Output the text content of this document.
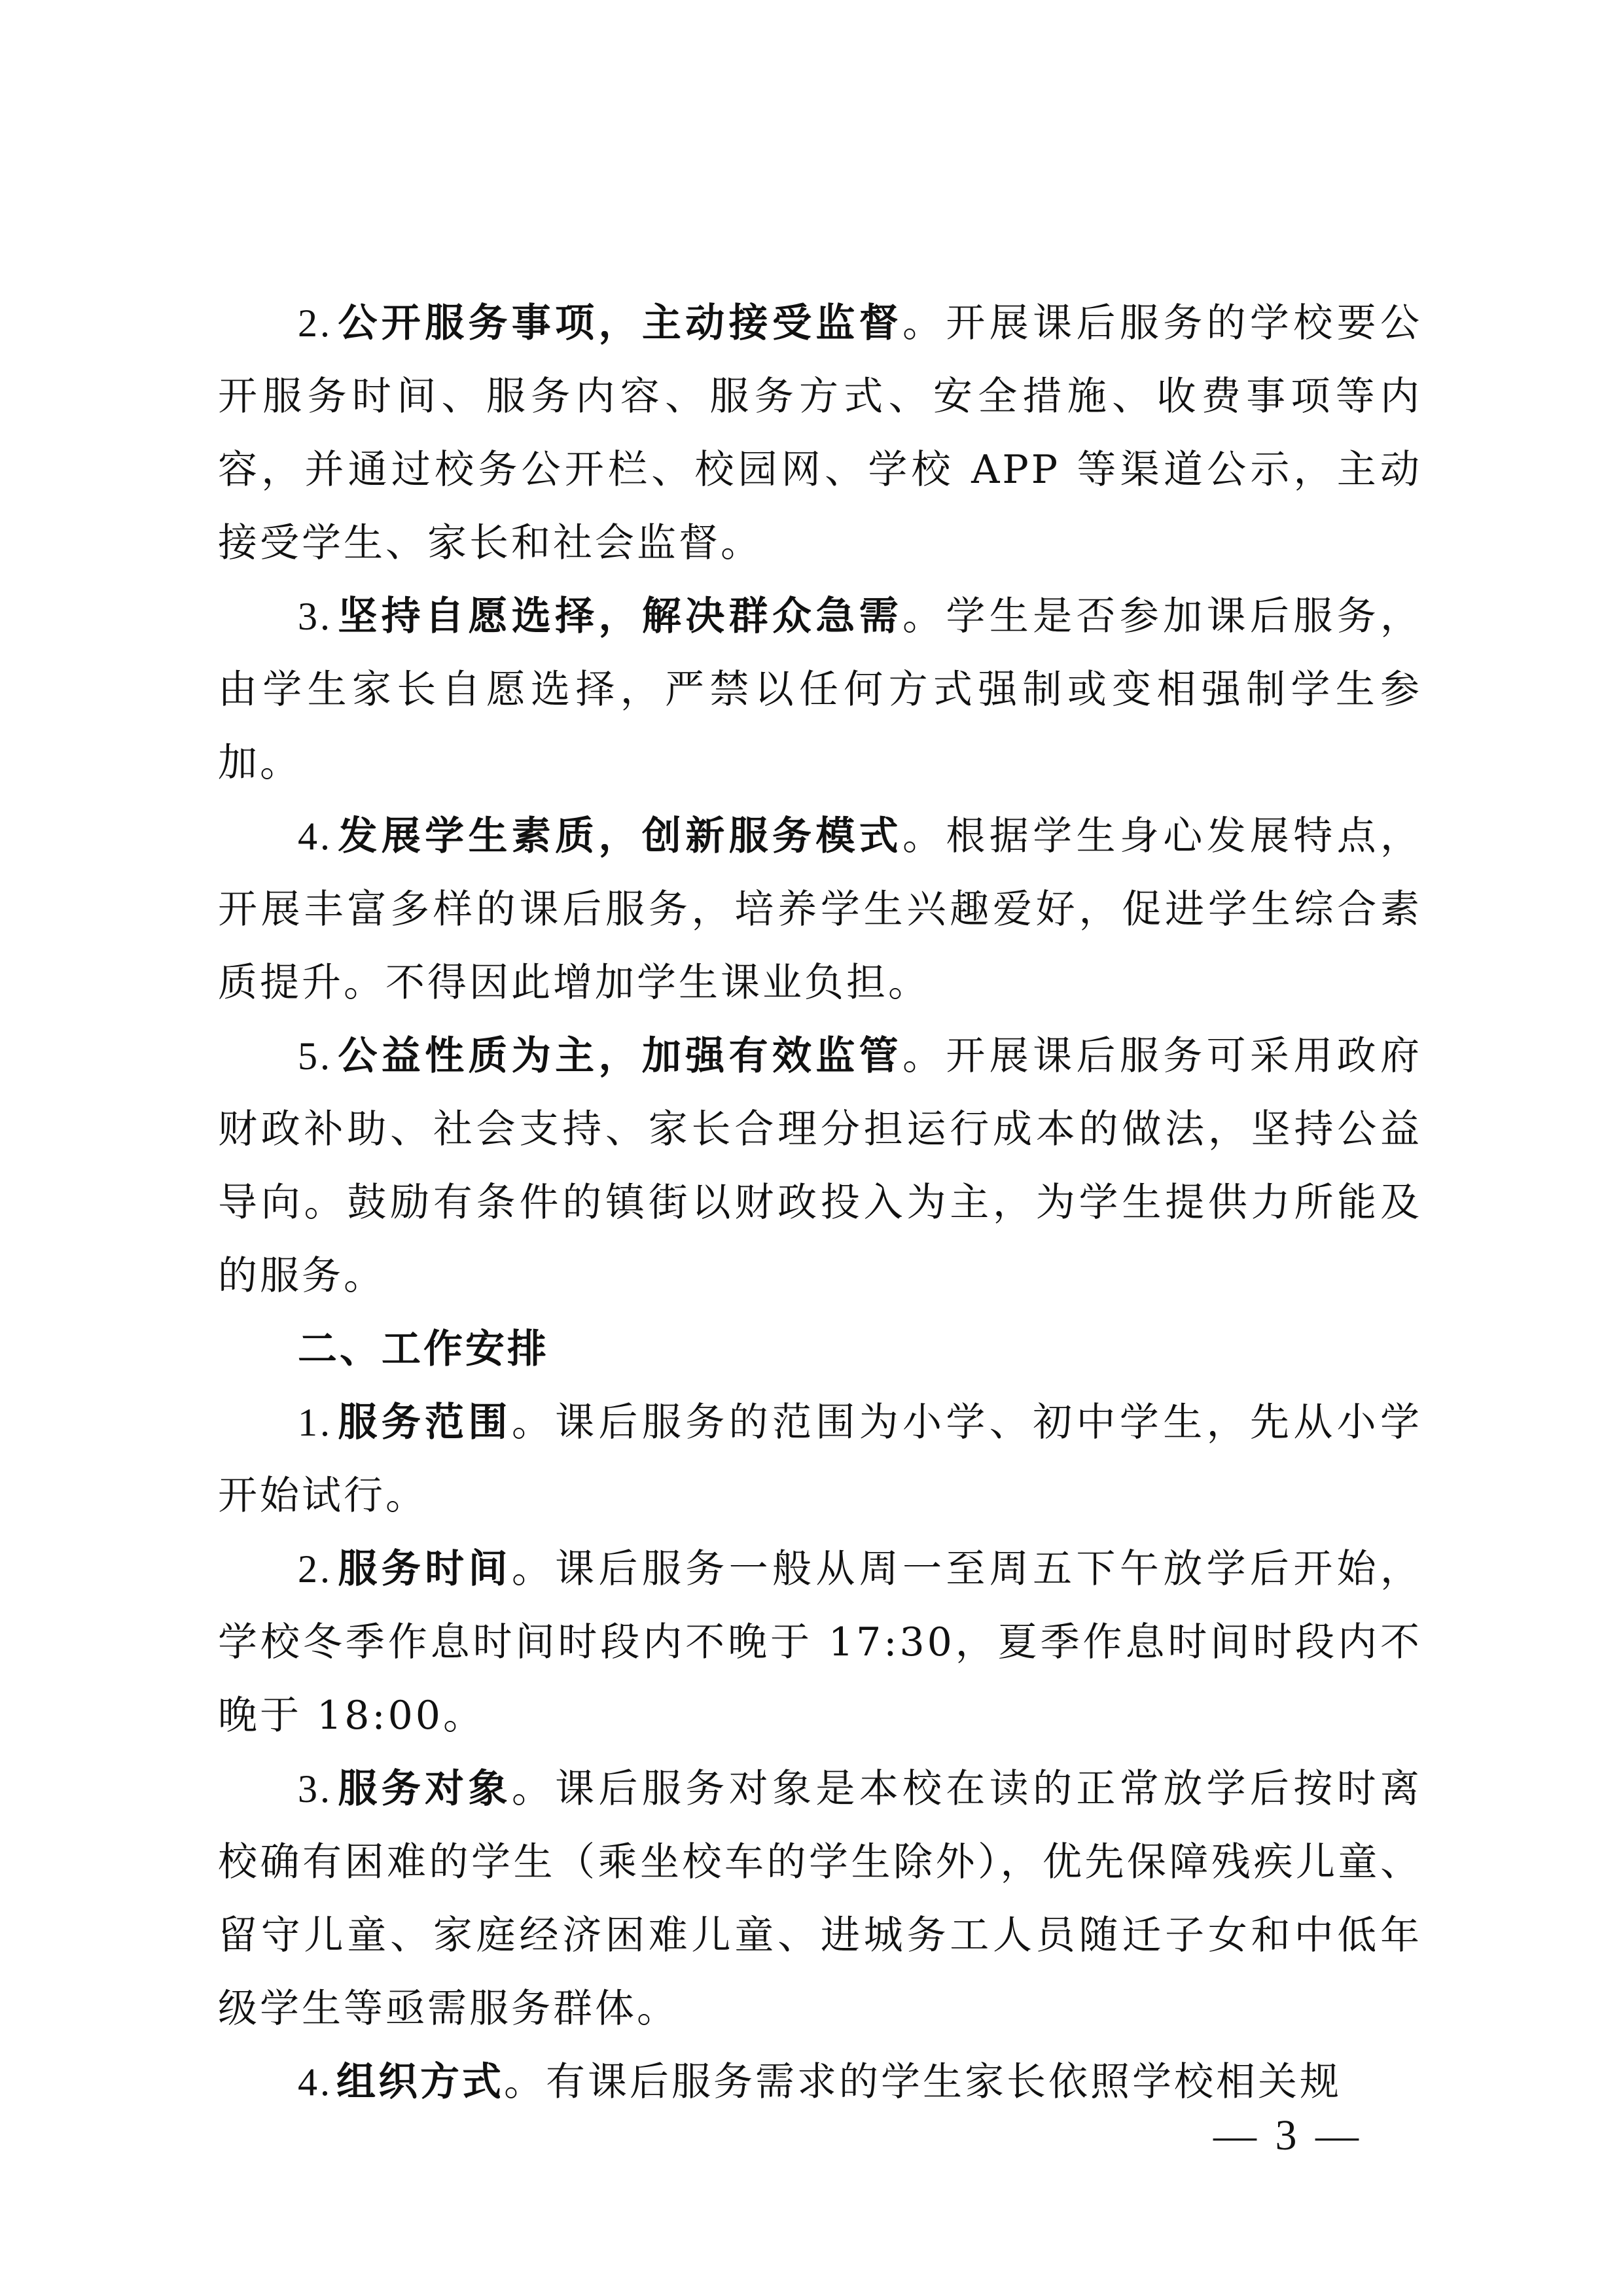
2. 公开服务事项，主动接受监督。开展课后服务的学校要公开服务时间、服务内容、服务方式、安全措施、收费事项等内容，并通过校务公开栏、校园网、学校 APP 等渠道公示，主动接受学生、家长和社会监督。

3. 坚持自愿选择，解决群众急需。学生是否参加课后服务，由学生家长自愿选择，严禁以任何方式强制或变相强制学生参加。

4. 发展学生素质，创新服务模式。根据学生身心发展特点，开展丰富多样的课后服务，培养学生兴趣爱好，促进学生综合素质提升。不得因此增加学生课业负担。

5. 公益性质为主，加强有效监管。开展课后服务可采用政府财政补助、社会支持、家长合理分担运行成本的做法，坚持公益导向。鼓励有条件的镇街以财政投入为主，为学生提供力所能及的服务。

二、工作安排

1. 服务范围。课后服务的范围为小学、初中学生，先从小学开始试行。

2. 服务时间。课后服务一般从周一至周五下午放学后开始，学校冬季作息时间时段内不晚于 17:30，夏季作息时间时段内不晚于 18:00。

3. 服务对象。课后服务对象是本校在读的正常放学后按时离校确有困难的学生（乘坐校车的学生除外），优先保障残疾儿童、留守儿童、家庭经济困难儿童、进城务工人员随迁子女和中低年级学生等亟需服务群体。

4. 组织方式。有课后服务需求的学生家长依照学校相关规

— 3 —
